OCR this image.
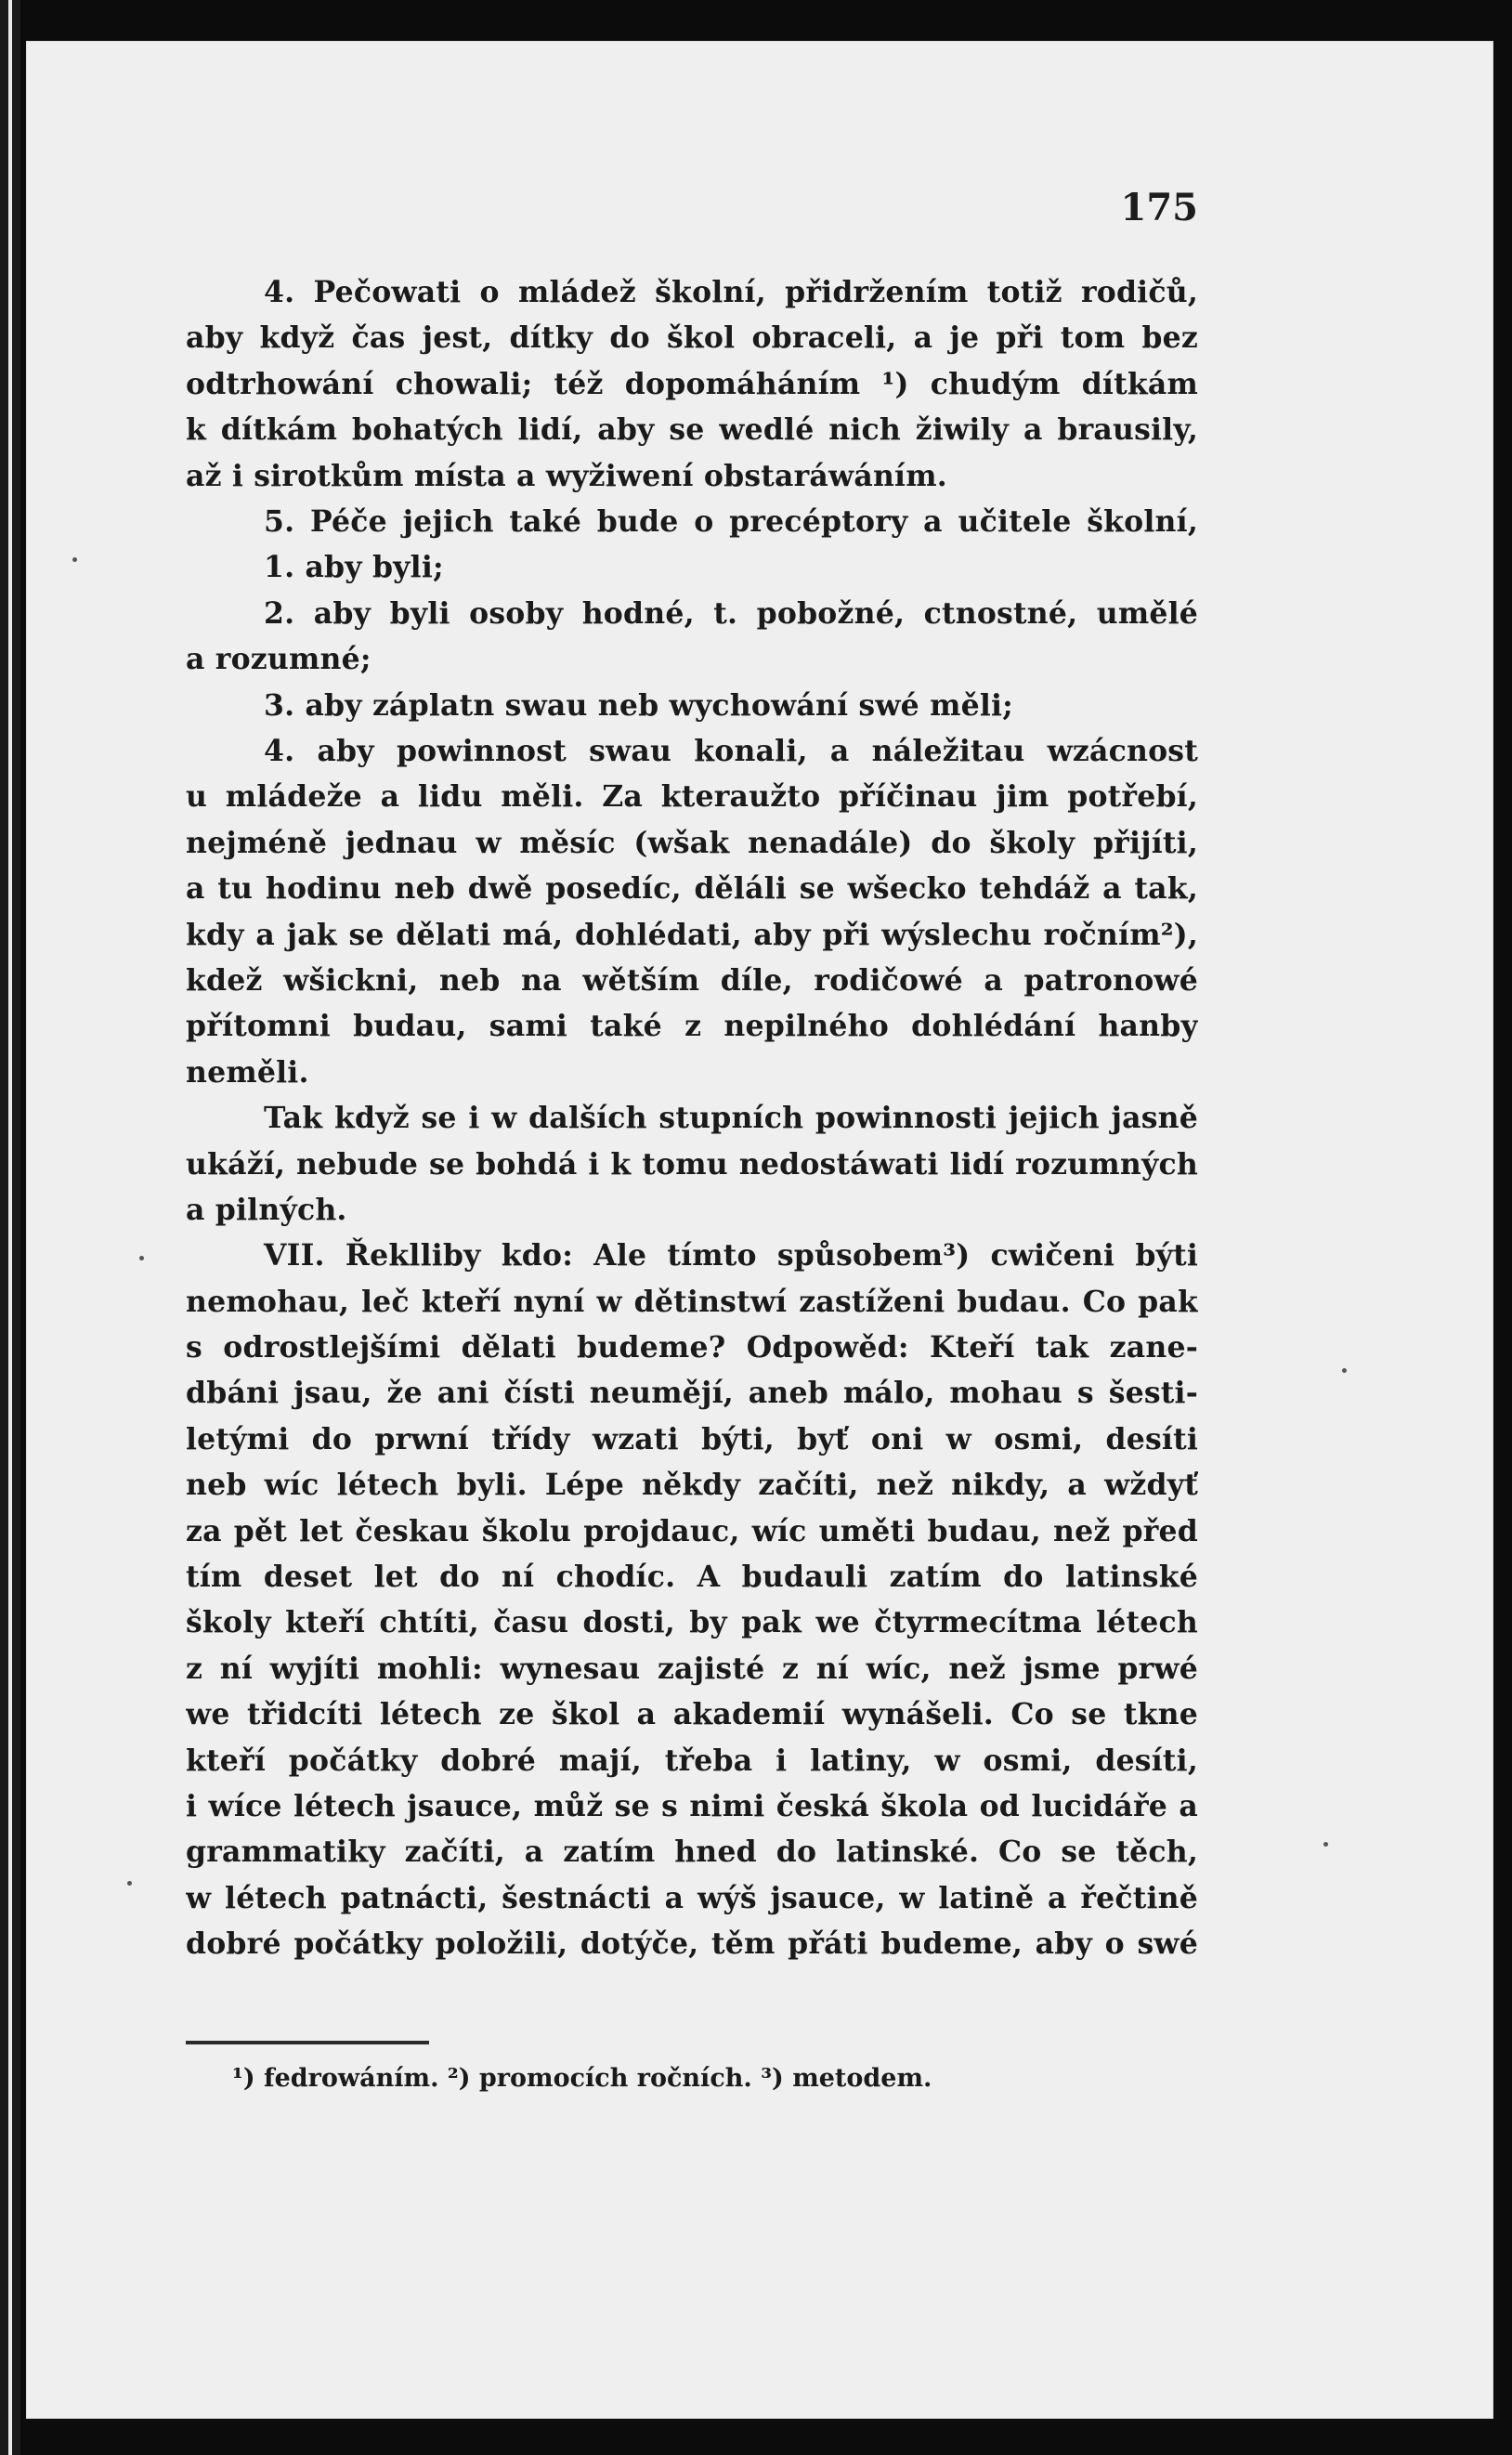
175
4. Pečowati o mládež školní, přidržením totiž rodičů,
aby když čas jest, dítky do škol obraceli, a je při tom bez
odtrhowání chowali; též dopomáháním ¹) chudým dítkám
k dítkám bohatých lidí, aby se wedlé nich žiwily a brausily,
až i sirotkům místa a wyžiwení obstaráwáním.
5. Péče jejich také bude o precéptory a učitele školní,
1. aby byli;
2. aby byli osoby hodné, t. pobožné, ctnostné, umělé
a rozumné;
3. aby záplatn swau neb wychowání swé měli;
4. aby powinnost swau konali, a náležitau wzácnost
u mládeže a lidu měli. Za kteraužto příčinau jim potřebí,
nejméně jednau w měsíc (wšak nenadále) do školy přijíti,
a tu hodinu neb dwě posedíc, děláli se wšecko tehdáž a tak,
kdy a jak se dělati má, dohlédati, aby při wýslechu ročním²),
kdež wšickni, neb na wětším díle, rodičowé a patronowé
přítomni budau, sami také z nepilného dohlédání hanby
neměli.
Tak když se i w dalších stupních powinnosti jejich jasně
ukáží, nebude se bohdá i k tomu nedostáwati lidí rozumných
a pilných.
VII. Řeklliby kdo: Ale tímto spůsobem³) cwičeni býti
nemohau, leč kteří nyní w dětinstwí zastíženi budau. Co pak
s odrostlejšími dělati budeme? Odpowěd: Kteří tak zane-
dbáni jsau, že ani čísti neumějí, aneb málo, mohau s šesti-
letými do prwní třídy wzati býti, byť oni w osmi, desíti
neb wíc létech byli. Lépe někdy začíti, než nikdy, a wždyť
za pět let českau školu projdauc, wíc uměti budau, než před
tím deset let do ní chodíc. A budauli zatím do latinské
školy kteří chtíti, času dosti, by pak we čtyrmecítma létech
z ní wyjíti mohli: wynesau zajisté z ní wíc, než jsme prwé
we třidcíti létech ze škol a akademií wynášeli. Co se tkne
kteří počátky dobré mají, třeba i latiny, w osmi, desíti,
i wíce létech jsauce, můž se s nimi česká škola od lucidáře a
grammatiky začíti, a zatím hned do latinské. Co se těch,
w létech patnácti, šestnácti a wýš jsauce, w latině a řečtině
dobré počátky položili, dotýče, těm přáti budeme, aby o swé
¹) fedrowáním. ²) promocích ročních. ³) metodem.
